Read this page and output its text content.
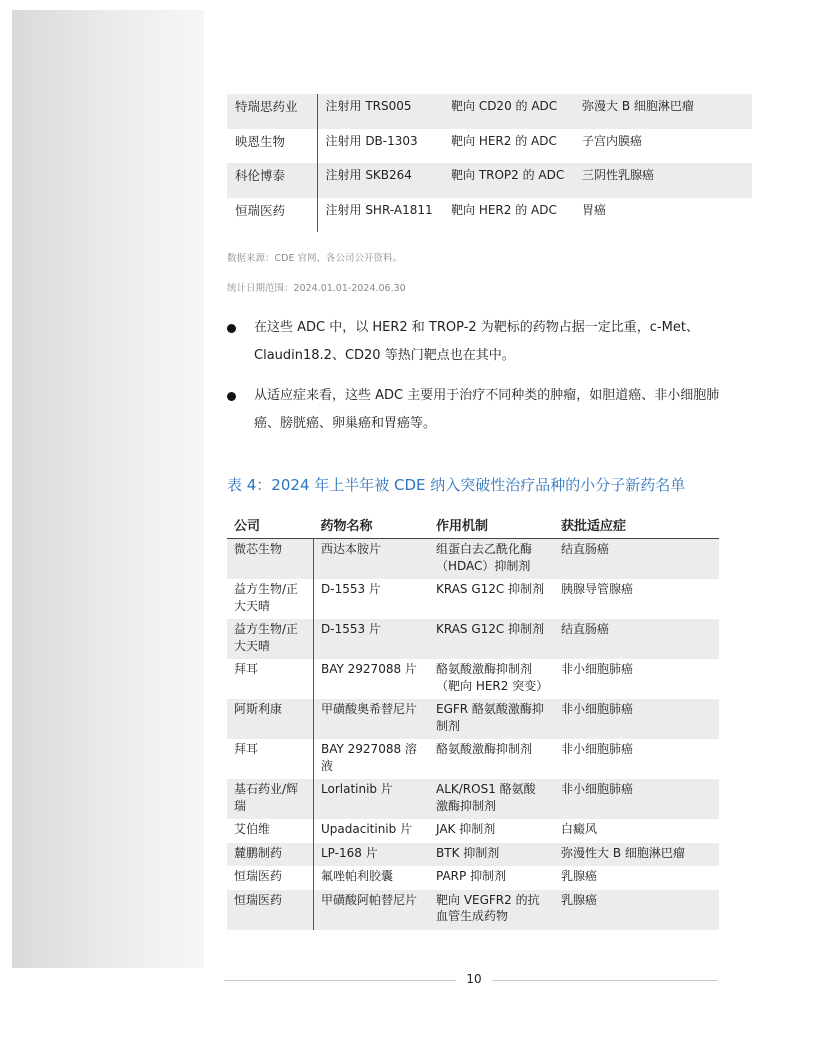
特瑞思药业	注射用 TRS005	靶向 CD20 的 ADC	弥漫大 B 细胞淋巴瘤
映恩生物	注射用 DB-1303	靶向 HER2 的 ADC	子宫内膜癌
科伦博泰	注射用 SKB264	靶向 TROP2 的 ADC	三阴性乳腺癌
恒瑞医药	注射用 SHR-A1811	靶向 HER2 的 ADC	胃癌
数据来源：CDE 官网、各公司公开资料。
统计日期范围：2024.01.01-2024.06.30
在这些 ADC 中，以 HER2 和 TROP-2 为靶标的药物占据一定比重，c-Met、Claudin18.2、CD20 等热门靶点也在其中。
从适应症来看，这些 ADC 主要用于治疗不同种类的肿瘤，如胆道癌、非小细胞肺癌、膀胱癌、卵巢癌和胃癌等。
表 4：2024 年上半年被 CDE 纳入突破性治疗品种的小分子新药名单
公司	药物名称	作用机制	获批适应症
微芯生物	西达本胺片	组蛋白去乙酰化酶（HDAC）抑制剂	结直肠癌
益方生物/正大天晴	D-1553 片	KRAS G12C 抑制剂	胰腺导管腺癌
益方生物/正大天晴	D-1553 片	KRAS G12C 抑制剂	结直肠癌
拜耳	BAY 2927088 片	酪氨酸激酶抑制剂（靶向 HER2 突变）	非小细胞肺癌
阿斯利康	甲磺酸奥希替尼片	EGFR 酪氨酸激酶抑制剂	非小细胞肺癌
拜耳	BAY 2927088 溶液	酪氨酸激酶抑制剂	非小细胞肺癌
基石药业/辉瑞	Lorlatinib 片	ALK/ROS1 酪氨酸激酶抑制剂	非小细胞肺癌
艾伯维	Upadacitinib 片	JAK 抑制剂	白癜风
麓鹏制药	LP-168 片	BTK 抑制剂	弥漫性大 B 细胞淋巴瘤
恒瑞医药	氟唑帕利胶囊	PARP 抑制剂	乳腺癌
恒瑞医药	甲磺酸阿帕替尼片	靶向 VEGFR2 的抗血管生成药物	乳腺癌
10
